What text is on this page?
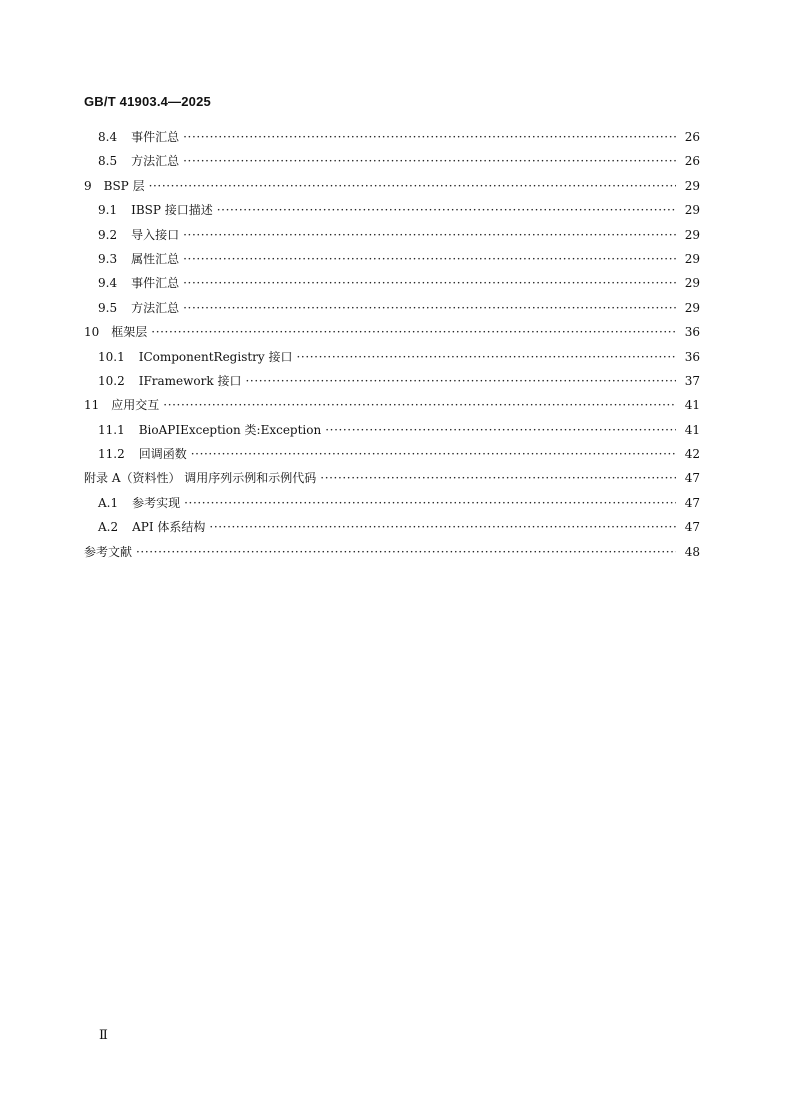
GB/T 41903.4—2025
8.4 事件汇总 ·····	26
8.5 方法汇总 ·····	26
9 BSP 层 ·····	29
9.1 IBSP 接口描述 ·····	29
9.2 导入接口 ·····	29
9.3 属性汇总 ·····	29
9.4 事件汇总 ·····	29
9.5 方法汇总 ·····	29
10 框架层 ·····	36
10.1 IComponentRegistry 接口 ·····	36
10.2 IFramework 接口 ·····	37
11 应用交互 ·····	41
11.1 BioAPIException 类:Exception ·····	41
11.2 回调函数 ·····	42
附录 A（资料性） 调用序列示例和示例代码 ·····	47
A.1 参考实现 ·····	47
A.2 API 体系结构 ·····	47
参考文献 ·····	48
Ⅱ
